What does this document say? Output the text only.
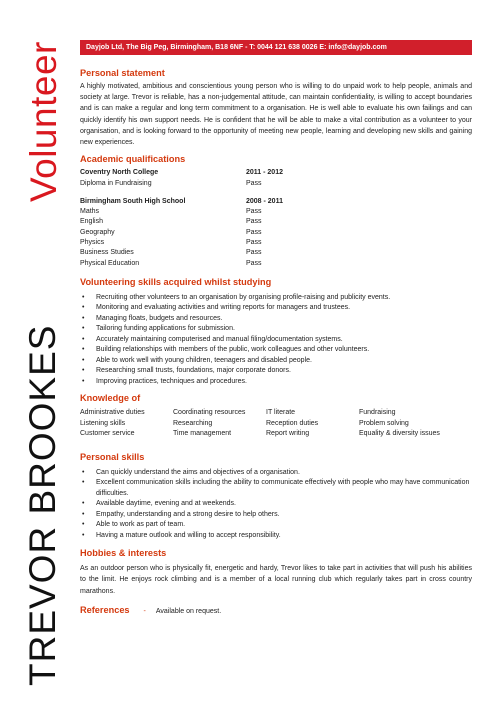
Volunteer
TREVOR BROOKES
Dayjob Ltd, The Big Peg, Birmingham, B18 6NF - T: 0044 121 638 0026 E: info@dayjob.com
Personal statement

A highly motivated, ambitious and conscientious young person who is willing to do unpaid work to help people, animals and society at large. Trevor is reliable, has a non-judgemental attitude, can maintain confidentiality, is willing to accept boundaries and is can make a regular and long term commitment to a organisation. He is well able to evaluate his own failings and can quickly identify his own support needs. He is confident that he will be able to make a vital contribution as a volunteer to your organisation, and is looking forward to the opportunity of meeting new people, learning and developing new skills and gaining new experiences.

Academic qualifications
Coventry North College	2011 - 2012
Diploma in Fundraising	Pass
Birmingham South High School	2008 - 2011
Maths	Pass
English	Pass
Geography	Pass
Physics	Pass
Business Studies	Pass
Physical Education	Pass
Volunteering skills acquired whilst studying
• Recruiting other volunteers to an organisation by organising profile-raising and publicity events.
• Monitoring and evaluating activities and writing reports for managers and trustees.
• Managing floats, budgets and resources.
• Tailoring funding applications for submission.
• Accurately maintaining computerised and manual filing/documentation systems.
• Building relationships with members of the public, work colleagues and other volunteers.
• Able to work well with young children, teenagers and disabled people.
• Researching small trusts, foundations, major corporate donors.
• Improving practices, techniques and procedures.
Knowledge of
Administrative duties	Coordinating resources	IT literate	Fundraising
Listening skills	Researching	Reception duties	Problem solving
Customer service	Time management	Report writing	Equality & diversity issues
Personal skills
• Can quickly understand the aims and objectives of a organisation.
• Excellent communication skills including the ability to communicate effectively with people who may have communication difficulties.
• Available daytime, evening and at weekends.
• Empathy, understanding and a strong desire to help others.
• Able to work as part of team.
• Having a mature outlook and willing to accept responsibility.
Hobbies & interests

As an outdoor person who is physically fit, energetic and hardy, Trevor likes to take part in activities that will push his abilities to the limit. He enjoys rock climbing and is a member of a local running club which regularly takes part in cross country marathons.

References - Available on request.
